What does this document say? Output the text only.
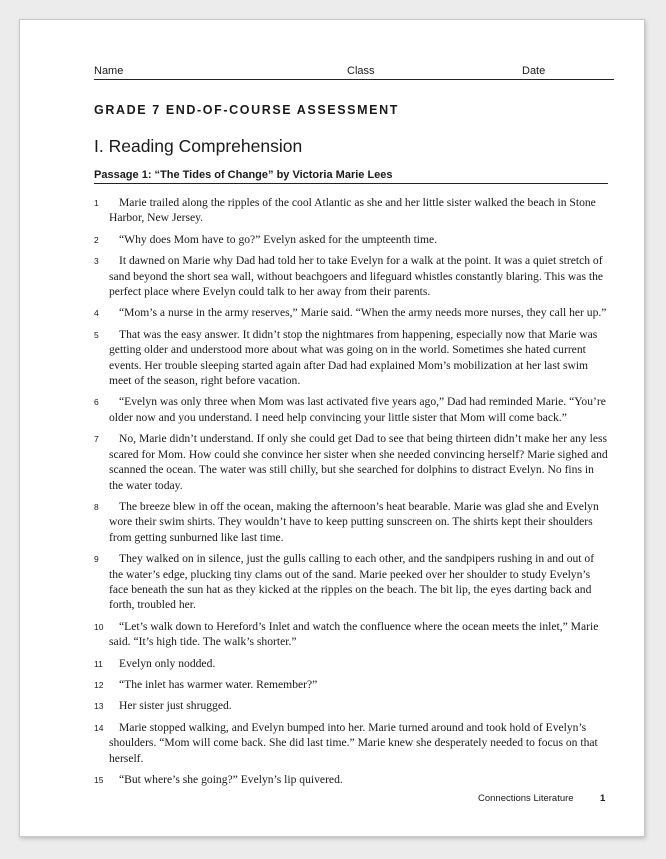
Name	Class	Date
GRADE 7 END-OF-COURSE ASSESSMENT
I. Reading Comprehension
Passage 1: “The Tides of Change” by Victoria Marie Lees
1	Marie trailed along the ripples of the cool Atlantic as she and her little sister walked the beach in Stone Harbor, New Jersey.
2	“Why does Mom have to go?” Evelyn asked for the umpteenth time.
3	It dawned on Marie why Dad had told her to take Evelyn for a walk at the point. It was a quiet stretch of sand beyond the short sea wall, without beachgoers and lifeguard whistles constantly blaring. This was the perfect place where Evelyn could talk to her away from their parents.
4	“Mom’s a nurse in the army reserves,” Marie said. “When the army needs more nurses, they call her up.”
5	That was the easy answer. It didn’t stop the nightmares from happening, especially now that Marie was getting older and understood more about what was going on in the world. Sometimes she hated current events. Her trouble sleeping started again after Dad had explained Mom’s mobilization at her last swim meet of the season, right before vacation.
6	“Evelyn was only three when Mom was last activated five years ago,” Dad had reminded Marie. “You’re older now and you understand. I need help convincing your little sister that Mom will come back.”
7	No, Marie didn’t understand. If only she could get Dad to see that being thirteen didn’t make her any less scared for Mom. How could she convince her sister when she needed convincing herself? Marie sighed and scanned the ocean. The water was still chilly, but she searched for dolphins to distract Evelyn. No fins in the water today.
8	The breeze blew in off the ocean, making the afternoon’s heat bearable. Marie was glad she and Evelyn wore their swim shirts. They wouldn’t have to keep putting sunscreen on. The shirts kept their shoulders from getting sunburned like last time.
9	They walked on in silence, just the gulls calling to each other, and the sandpipers rushing in and out of the water’s edge, plucking tiny clams out of the sand. Marie peeked over her shoulder to study Evelyn’s face beneath the sun hat as they kicked at the ripples on the beach. The bit lip, the eyes darting back and forth, troubled her.
10	“Let’s walk down to Hereford’s Inlet and watch the confluence where the ocean meets the inlet,” Marie said. “It’s high tide. The walk’s shorter.”
11	Evelyn only nodded.
12	“The inlet has warmer water. Remember?”
13	Her sister just shrugged.
14	Marie stopped walking, and Evelyn bumped into her. Marie turned around and took hold of Evelyn’s shoulders. “Mom will come back. She did last time.” Marie knew she desperately needed to focus on that herself.
15	“But where’s she going?” Evelyn’s lip quivered.
Connections Literature	1
